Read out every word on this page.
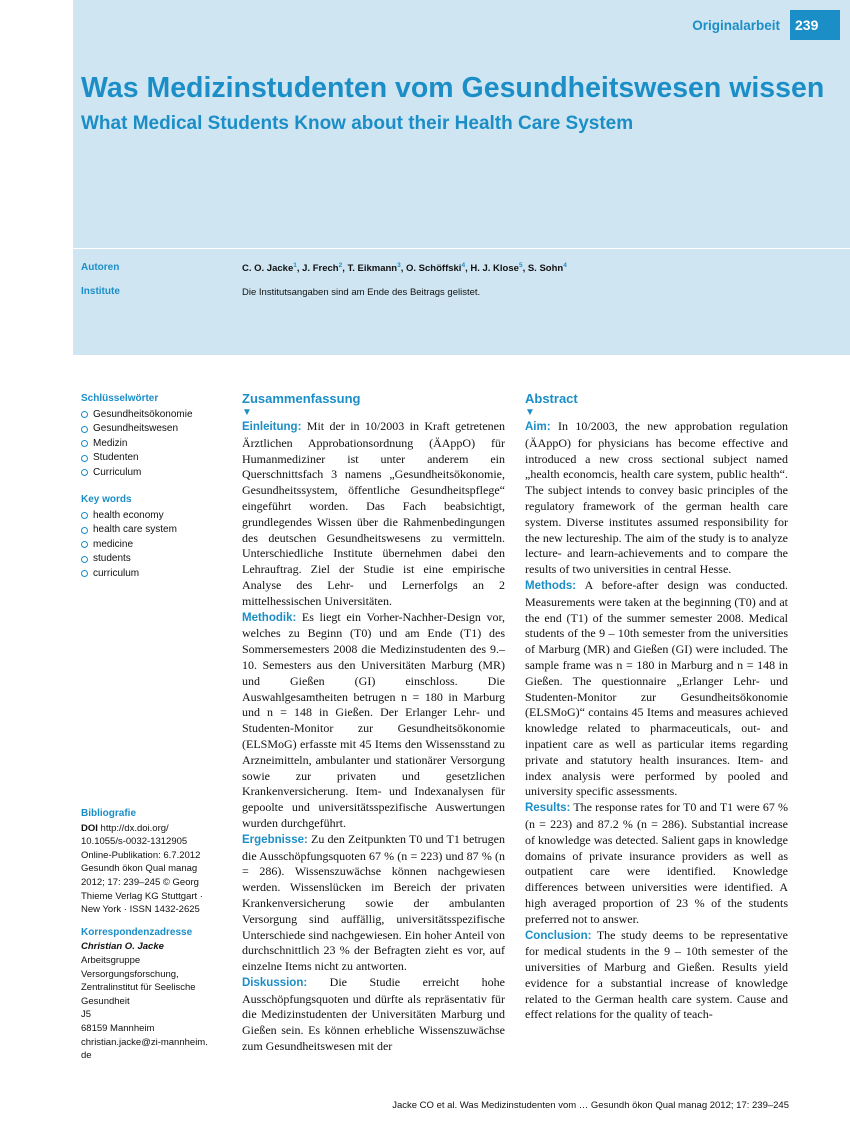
Originalarbeit	239
Was Medizinstudenten vom Gesundheitswesen wissen
What Medical Students Know about their Health Care System
Autoren	C. O. Jacke$^1$, J. Frech$^2$, T. Eikmann$^3$, O. Schöffski$^4$, H. J. Klose$^5$, S. Sohn$^4$
Institute	Die Institutsangaben sind am Ende des Beitrags gelistet.
Schlüsselwörter
Gesundheitsökonomie
Gesundheitswesen
Medizin
Studenten
Curriculum
Key words
health economy
health care system
medicine
students
curriculum
Bibliografie
DOI http://dx.doi.org/
10.1055/s-0032-1312905
Online-Publikation: 6.7.2012
Gesundh ökon Qual manag
2012; 17: 239–245 © Georg
Thieme Verlag KG Stuttgart ·
New York · ISSN 1432-2625
Korrespondenzadresse
Christian O. Jacke
Arbeitsgruppe
Versorgungsforschung,
Zentralinstitut für Seelische
Gesundheit
J5
68159 Mannheim
christian.jacke@zi-mannheim.
de
Zusammenfassung
▼
Einleitung: Mit der in 10/2003 in Kraft getretenen Ärztlichen Approbationsordnung (ÄAppO) für Humanmediziner ist unter anderem ein Querschnittsfach 3 namens „Gesundheitsökonomie, Gesundheitssystem, öffentliche Gesundheitspflege“ eingeführt worden. Das Fach beabsichtigt, grundlegendes Wissen über die Rahmenbedingungen des deutschen Gesundheitswesens zu vermitteln. Unterschiedliche Institute übernehmen dabei den Lehrauftrag. Ziel der Studie ist eine empirische Analyse des Lehr- und Lernerfolgs an 2 mittelhessischen Universitäten.
Methodik: Es liegt ein Vorher-Nachher-Design vor, welches zu Beginn (T0) und am Ende (T1) des Sommersemesters 2008 die Medizinstudenten des 9.–10. Semesters aus den Universitäten Marburg (MR) und Gießen (GI) einschloss. Die Auswahlgesamtheiten betrugen n = 180 in Marburg und n = 148 in Gießen. Der Erlanger Lehr- und Studenten-Monitor zur Gesundheitsökonomie (ELSMoG) erfasste mit 45 Items den Wissensstand zu Arzneimitteln, ambulanter und stationärer Versorgung sowie zur privaten und gesetzlichen Krankenversicherung. Item- und Indexanalysen für gepoolte und universitätsspezifische Auswertungen wurden durchgeführt.
Ergebnisse: Zu den Zeitpunkten T0 und T1 betrugen die Ausschöpfungsquoten 67 % (n = 223) und 87 % (n = 286). Wissenszuwächse können nachgewiesen werden. Wissenslücken im Bereich der privaten Krankenversicherung sowie der ambulanten Versorgung sind auffällig, universitätsspezifische Unterschiede sind nachgewiesen. Ein hoher Anteil von durchschnittlich 23 % der Befragten zieht es vor, auf einzelne Items nicht zu antworten.
Diskussion: Die Studie erreicht hohe Ausschöpfungsquoten und dürfte als repräsentativ für die Medizinstudenten der Universitäten Marburg und Gießen sein. Es können erhebliche Wissenszuwächse zum Gesundheitswesen mit der
Abstract
▼
Aim: In 10/2003, the new approbation regulation (ÄAppO) for physicians has become effective and introduced a new cross sectional subject named „health economcis, health care system, public health“. The subject intends to convey basic principles of the regulatory framework of the german health care system. Diverse institutes assumed responsibility for the new lectureship. The aim of the study is to analyze lecture- and learn-achievements and to compare the results of two universities in central Hesse.
Methods: A before-after design was conducted. Measurements were taken at the beginning (T0) and at the end (T1) of the summer semester 2008. Medical students of the 9 – 10th semester from the universities of Marburg (MR) and Gießen (GI) were included. The sample frame was n = 180 in Marburg and n = 148 in Gießen. The questionnaire „Erlanger Lehr- und Studenten-Monitor zur Gesundheitsökonomie (ELSMoG)“ contains 45 Items and measures achieved knowledge related to pharmaceuticals, out- and inpatient care as well as particular items regarding private and statutory health insurances. Item- and index analysis were performed by pooled and university specific assessments.
Results: The response rates for T0 and T1 were 67 % (n = 223) and 87.2 % (n = 286). Substantial increase of knowledge was detected. Salient gaps in knowledge domains of private insurance providers as well as outpatient care were identified. Knowledge differences between universities were identified. A high averaged proportion of 23 % of the students preferred not to answer.
Conclusion: The study deems to be representative for medical students in the 9 – 10th semester of the universities of Marburg and Gießen. Results yield evidence for a substantial increase of knowledge related to the German health care system. Cause and effect relations for the quality of teach-
Jacke CO et al. Was Medizinstudenten vom … Gesundh ökon Qual manag 2012; 17: 239–245
